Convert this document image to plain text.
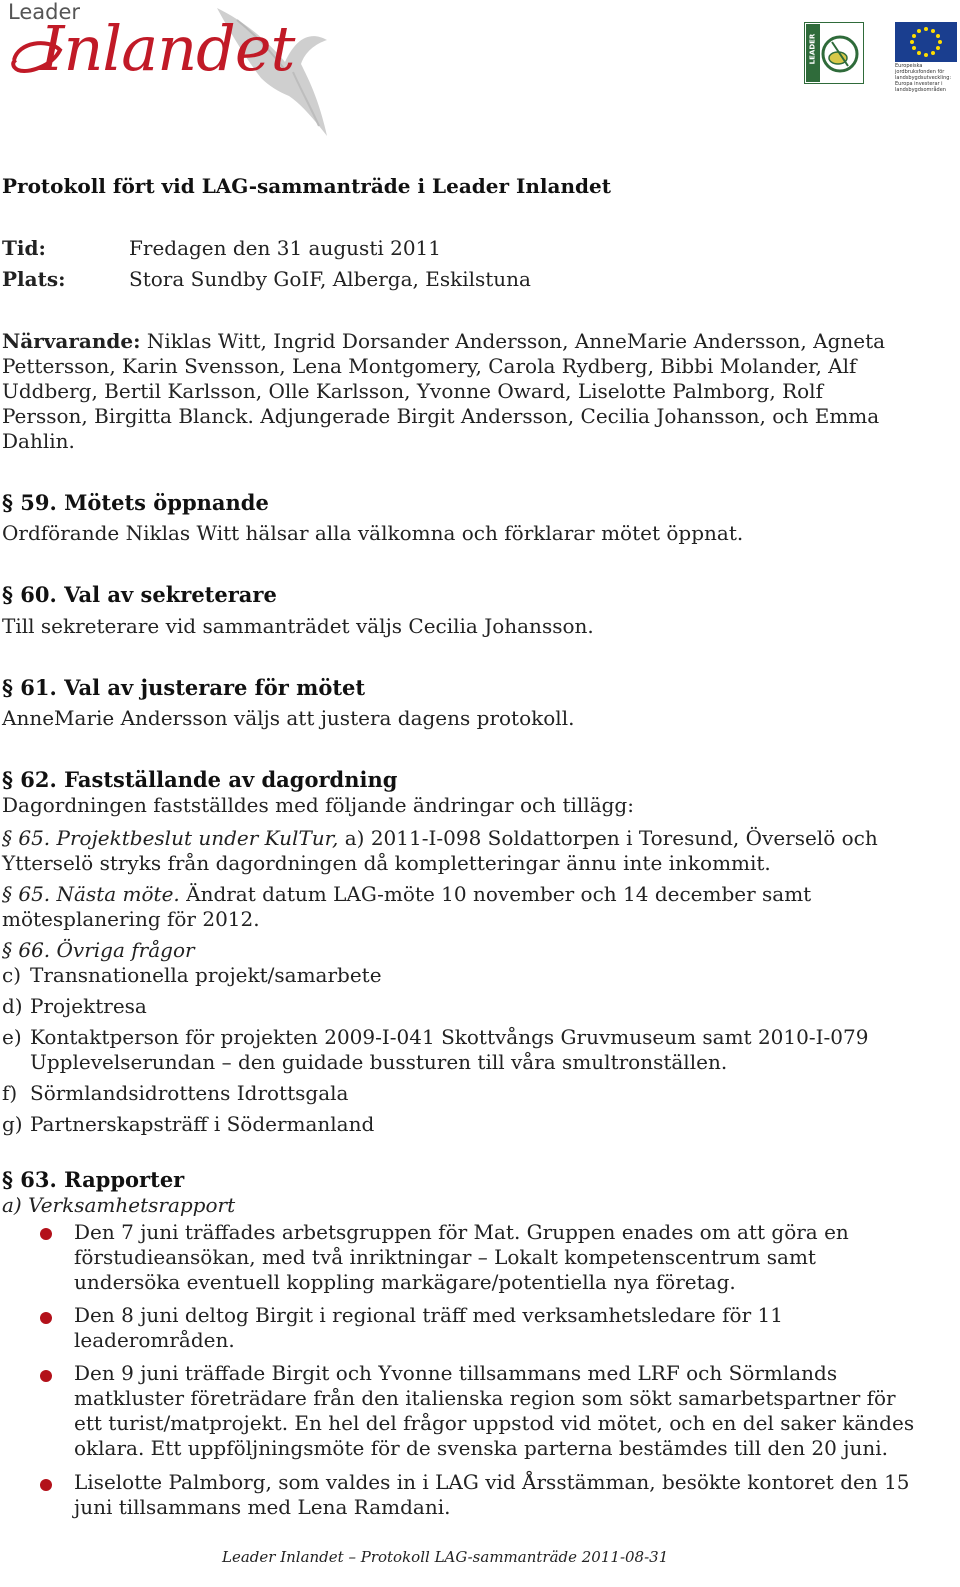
Leader
Inlandet	LEADER
Europeiska jordbruksfonden för landsbygdsutveckling: Europa investerar i landsbygdsområden
Protokoll fört vid LAG-sammanträde i Leader Inlandet
Tid:	Fredagen den 31 augusti 2011
Plats:	Stora Sundby GoIF, Alberga, Eskilstuna
Närvarande: Niklas Witt, Ingrid Dorsander Andersson, AnneMarie Andersson, Agneta
Pettersson, Karin Svensson, Lena Montgomery, Carola Rydberg, Bibbi Molander, Alf
Uddberg, Bertil Karlsson, Olle Karlsson, Yvonne Oward, Liselotte Palmborg, Rolf
Persson, Birgitta Blanck. Adjungerade Birgit Andersson, Cecilia Johansson, och Emma
Dahlin.
§ 59. Mötets öppnande
Ordförande Niklas Witt hälsar alla välkomna och förklarar mötet öppnat.
§ 60. Val av sekreterare
Till sekreterare vid sammanträdet väljs Cecilia Johansson.
§ 61. Val av justerare för mötet
AnneMarie Andersson väljs att justera dagens protokoll.
§ 62. Fastställande av dagordning
Dagordningen fastställdes med följande ändringar och tillägg:
§ 65. Projektbeslut under KulTur, a) 2011-I-098 Soldattorpen i Toresund, Överselö och
Ytterselö stryks från dagordningen då kompletteringar ännu inte inkommit.
§ 65. Nästa möte. Ändrat datum LAG-möte 10 november och 14 december samt
mötesplanering för 2012.
§ 66. Övriga frågor
c) Transnationella projekt/samarbete
d) Projektresa
e) Kontaktperson för projekten 2009-I-041 Skottvångs Gruvmuseum samt 2010-I-079
Upplevelserundan – den guidade bussturen till våra smultronställen.
f) Sörmlandsidrottens Idrottsgala
g) Partnerskapsträff i Södermanland
§ 63. Rapporter
a) Verksamhetsrapport
Den 7 juni träffades arbetsgruppen för Mat. Gruppen enades om att göra en
förstudieansökan, med två inriktningar – Lokalt kompetenscentrum samt
undersöka eventuell koppling markägare/potentiella nya företag.
Den 8 juni deltog Birgit i regional träff med verksamhetsledare för 11
leaderområden.
Den 9 juni träffade Birgit och Yvonne tillsammans med LRF och Sörmlands
matkluster företrädare från den italienska region som sökt samarbetspartner för
ett turist/matprojekt. En hel del frågor uppstod vid mötet, och en del saker kändes
oklara. Ett uppföljningsmöte för de svenska parterna bestämdes till den 20 juni.
Liselotte Palmborg, som valdes in i LAG vid Årsstämman, besökte kontoret den 15
juni tillsammans med Lena Ramdani.
Leader Inlandet – Protokoll LAG-sammanträde 2011-08-31
